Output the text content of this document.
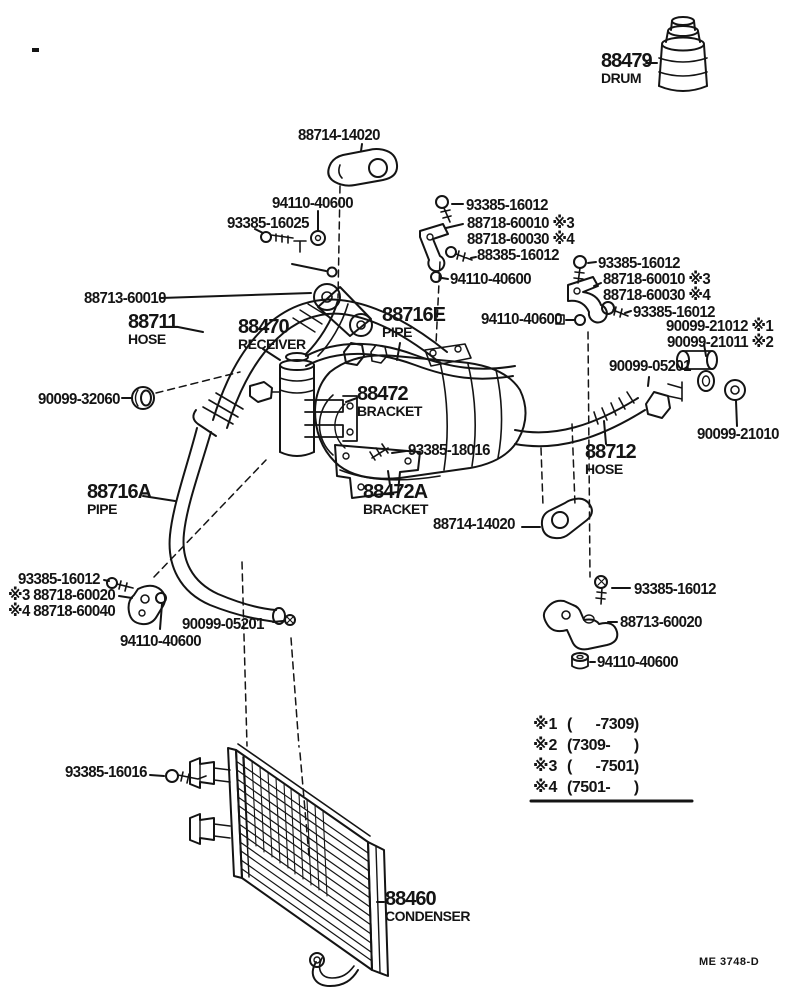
88479
DRUM
88711
HOSE
88470
RECEIVER
88716E
PIPE
88472
BRACKET
88712
HOSE
88716A
PIPE
88472A
BRACKET
88460
CONDENSER
88714-14020
94110-40600
93385-16025
93385-16012
88718-60010 ※3
88718-60030 ※4
88385-16012
94110-40600
93385-16012
88718-60010 ※3
88718-60030 ※4
93385-16012
94110-40600	90099-21012 ※1
90099-21011 ※2
90099-05201
88713-60010
90099-32060
93385-18016
90099-21010
88714-14020
93385-16012
※3 88718-60020
※4 88718-60040
90099-05201
94110-40600
93385-16012
88713-60020
94110-40600
93385-16016
※1 (      -7309)
※2 (7309-      )
※3 (      -7501)
※4 (7501-      )
ME 3748-D
